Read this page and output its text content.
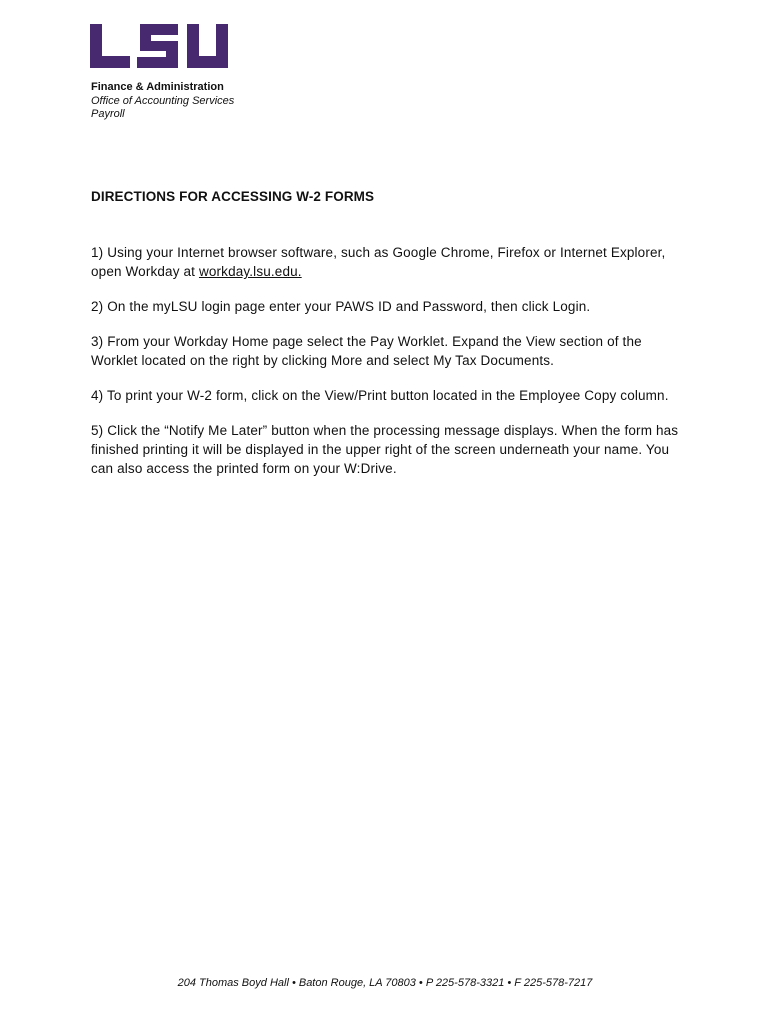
Finance & Administration
Office of Accounting Services
Payroll
DIRECTIONS FOR ACCESSING W-2 FORMS

1) Using your Internet browser software, such as Google Chrome, Firefox or Internet Explorer, open Workday at workday.lsu.edu.

2) On the myLSU login page enter your PAWS ID and Password, then click Login.

3) From your Workday Home page select the Pay Worklet. Expand the View section of the Worklet located on the right by clicking More and select My Tax Documents.

4) To print your W-2 form, click on the View/Print button located in the Employee Copy column.

5) Click the “Notify Me Later” button when the processing message displays. When the form has finished printing it will be displayed in the upper right of the screen underneath your name. You can also access the printed form on your W:Drive.

204 Thomas Boyd Hall • Baton Rouge, LA 70803 • P 225-578-3321 • F 225-578-7217
